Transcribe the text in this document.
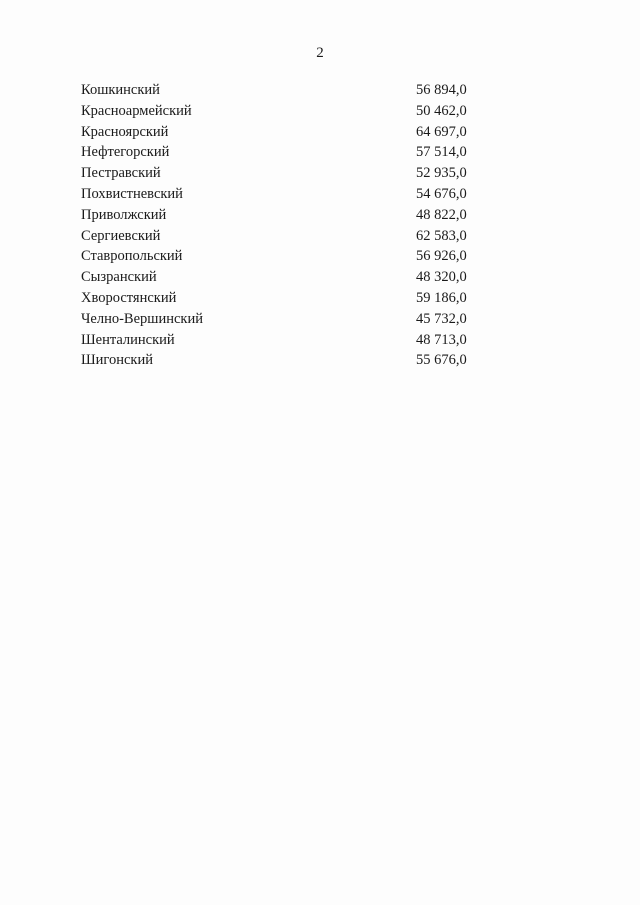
2
Кошкинский	56 894,0
Красноармейский	50 462,0
Красноярский	64 697,0
Нефтегорский	57 514,0
Пестравский	52 935,0
Похвистневский	54 676,0
Приволжский	48 822,0
Сергиевский	62 583,0
Ставропольский	56 926,0
Сызранский	48 320,0
Хворостянский	59 186,0
Челно-Вершинский	45 732,0
Шенталинский	48 713,0
Шигонский	55 676,0
